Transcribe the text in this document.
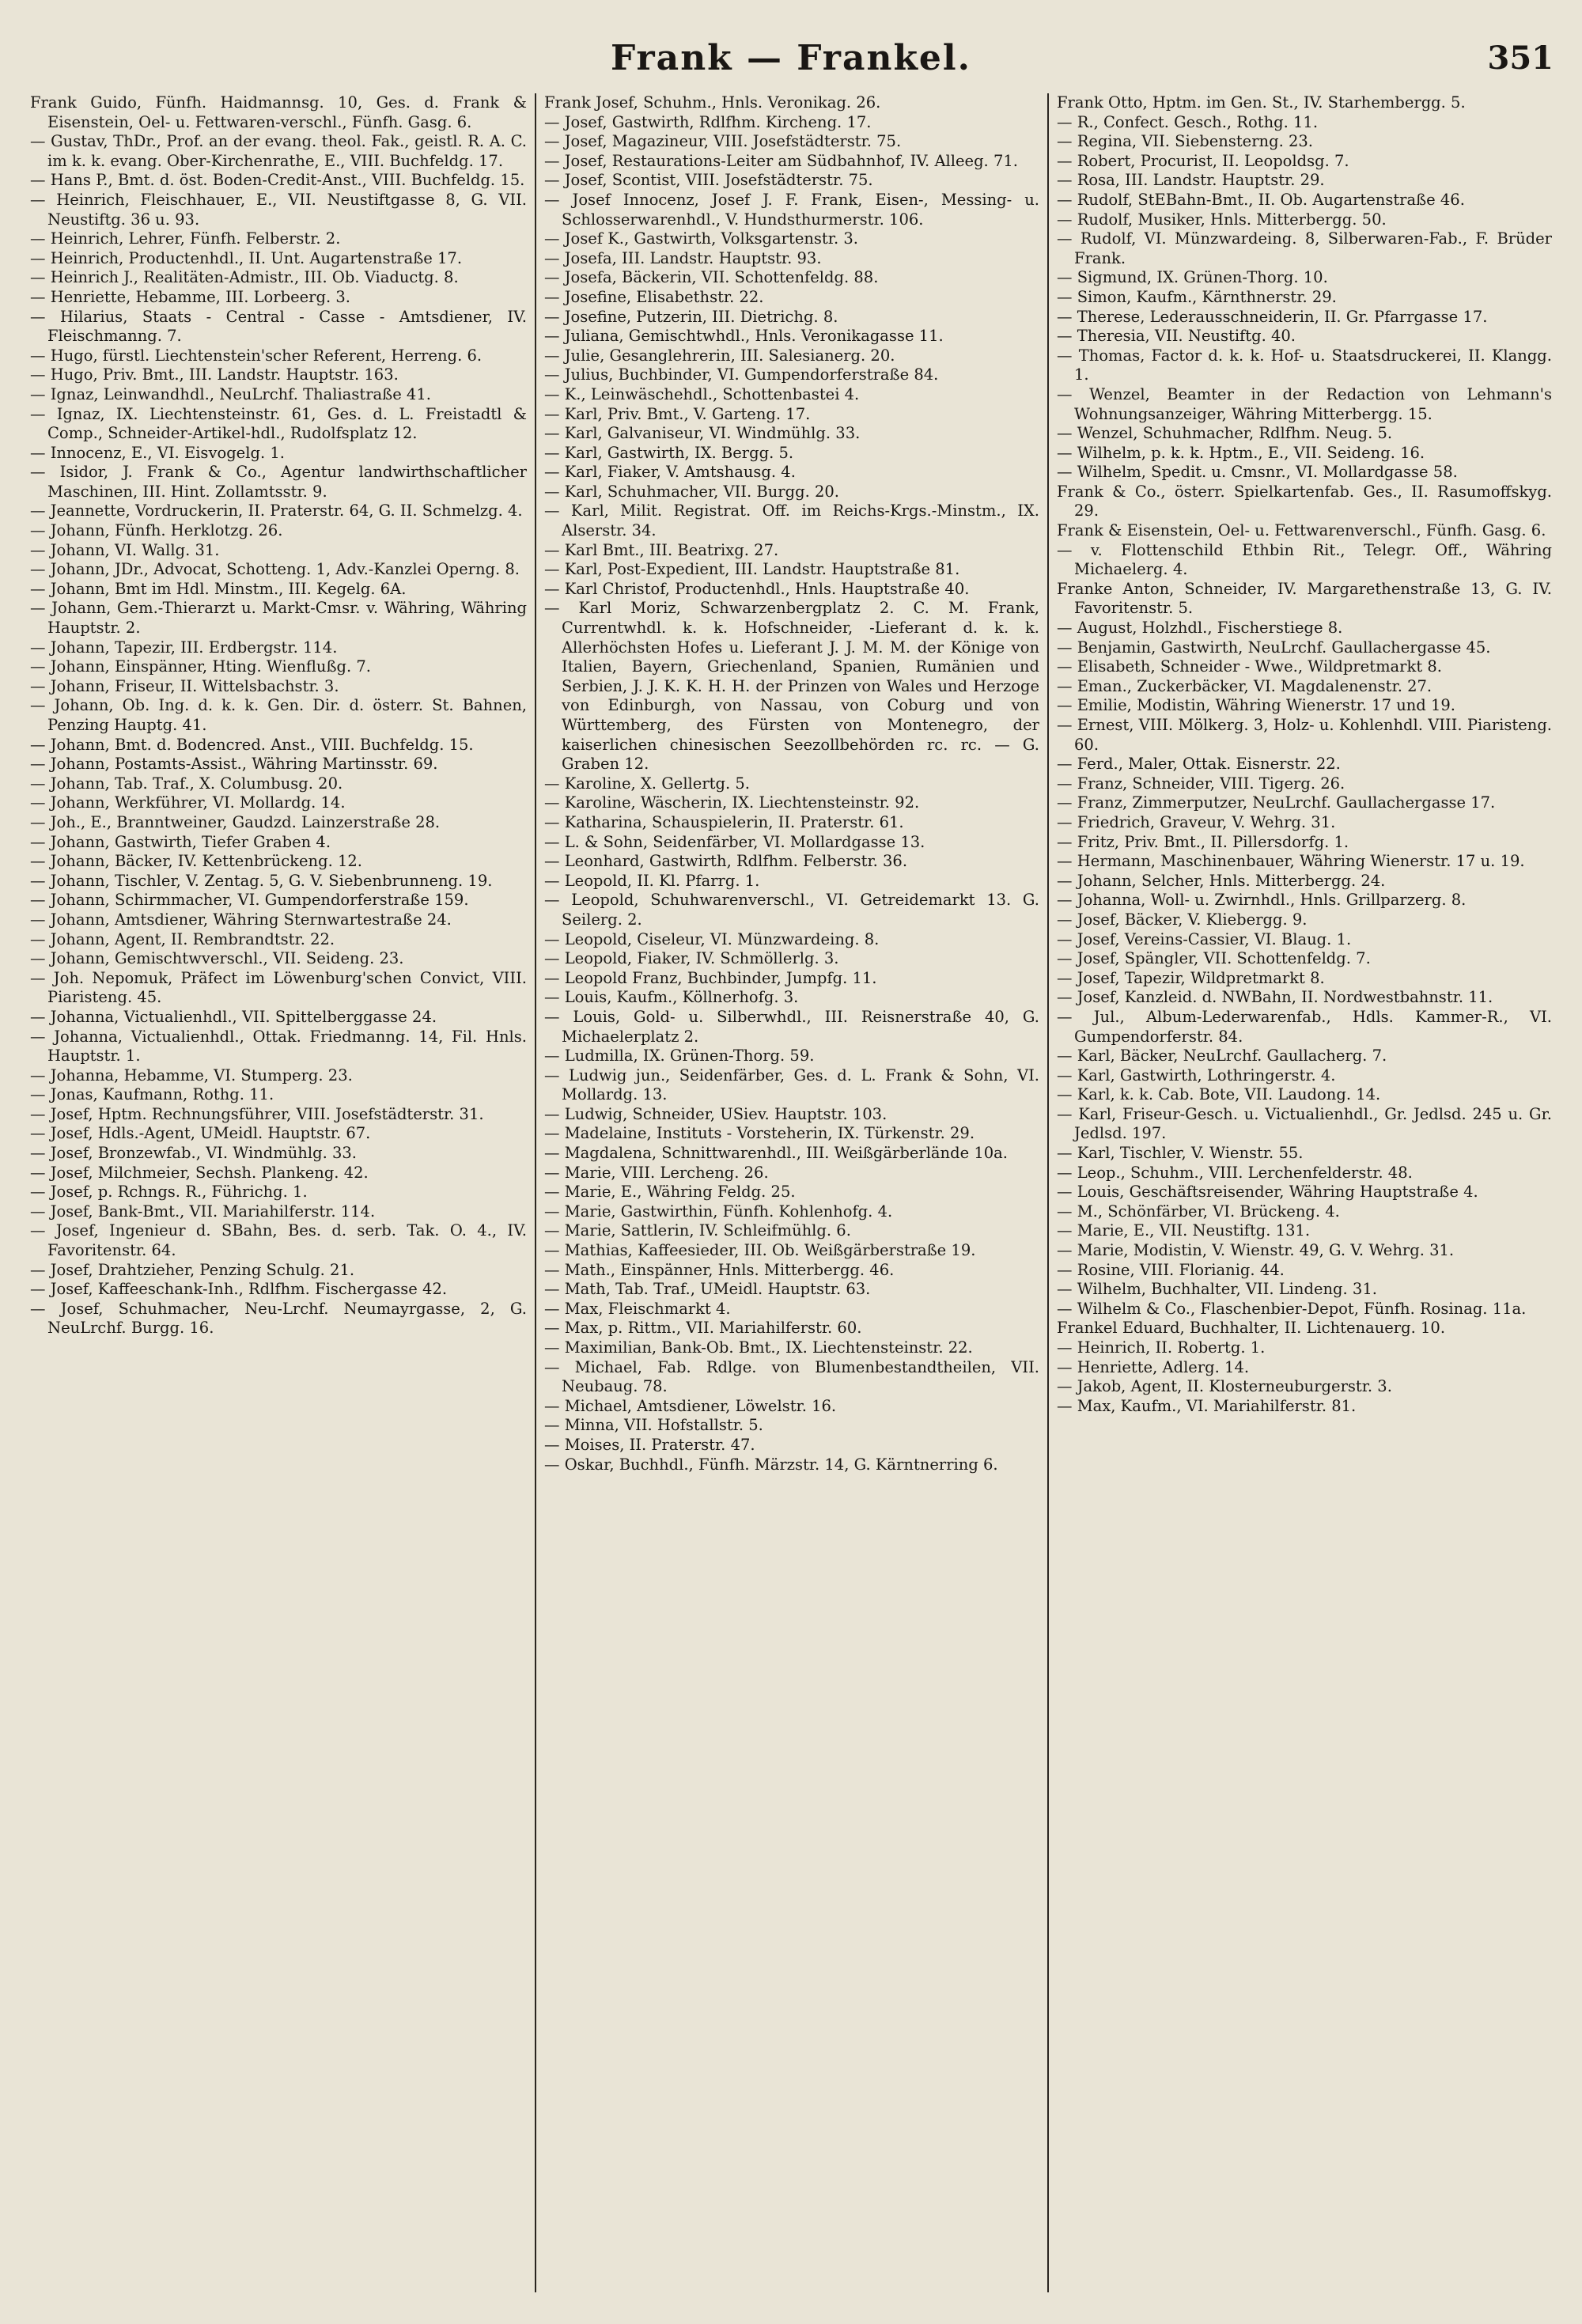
Frank — Frankel.	351
Frank Guido, Fünfh. Haidmannsg. 10, Ges. d. Frank & Eisenstein, Oel- u. Fettwaren-verschl., Fünfh. Gasg. 6.
— Gustav, ThDr., Prof. an der evang. theol. Fak., geistl. R. A. C. im k. k. evang. Ober-Kirchenrathe, E., VIII. Buchfeldg. 17.
— Hans P., Bmt. d. öst. Boden-Credit-Anst., VIII. Buchfeldg. 15.
— Heinrich, Fleischhauer, E., VII. Neustiftgasse 8, G. VII. Neustiftg. 36 u. 93.
— Heinrich, Lehrer, Fünfh. Felberstr. 2.
— Heinrich, Productenhdl., II. Unt. Augartenstraße 17.
— Heinrich J., Realitäten-Admistr., III. Ob. Viaductg. 8.
— Henriette, Hebamme, III. Lorbeerg. 3.
— Hilarius, Staats - Central - Casse - Amtsdiener, IV. Fleischmanng. 7.
— Hugo, fürstl. Liechtenstein'scher Referent, Herreng. 6.
— Hugo, Priv. Bmt., III. Landstr. Hauptstr. 163.
— Ignaz, Leinwandhdl., NeuLrchf. Thaliastraße 41.
— Ignaz, IX. Liechtensteinstr. 61, Ges. d. L. Freistadtl & Comp., Schneider-Artikel-hdl., Rudolfsplatz 12.
— Innocenz, E., VI. Eisvogelg. 1.
— Isidor, J. Frank & Co., Agentur landwirthschaftlicher Maschinen, III. Hint. Zollamtsstr. 9.
— Jeannette, Vordruckerin, II. Praterstr. 64, G. II. Schmelzg. 4.
— Johann, Fünfh. Herklotzg. 26.
— Johann, VI. Wallg. 31.
— Johann, JDr., Advocat, Schotteng. 1, Adv.-Kanzlei Operng. 8.
— Johann, Bmt im Hdl. Minstm., III. Kegelg. 6A.
— Johann, Gem.-Thierarzt u. Markt-Cmsr. v. Währing, Währing Hauptstr. 2.
— Johann, Tapezir, III. Erdbergstr. 114.
— Johann, Einspänner, Hting. Wienflußg. 7.
— Johann, Friseur, II. Wittelsbachstr. 3.
— Johann, Ob. Ing. d. k. k. Gen. Dir. d. österr. St. Bahnen, Penzing Hauptg. 41.
— Johann, Bmt. d. Bodencred. Anst., VIII. Buchfeldg. 15.
— Johann, Postamts-Assist., Währing Martinsstr. 69.
— Johann, Tab. Traf., X. Columbusg. 20.
— Johann, Werkführer, VI. Mollardg. 14.
— Joh., E., Branntweiner, Gaudzd. Lainzerstraße 28.
— Johann, Gastwirth, Tiefer Graben 4.
— Johann, Bäcker, IV. Kettenbrückeng. 12.
— Johann, Tischler, V. Zentag. 5, G. V. Siebenbrunneng. 19.
— Johann, Schirmmacher, VI. Gumpendorferstraße 159.
— Johann, Amtsdiener, Währing Sternwartestraße 24.
— Johann, Agent, II. Rembrandtstr. 22.
— Johann, Gemischtwverschl., VII. Seideng. 23.
— Joh. Nepomuk, Präfect im Löwenburg'schen Convict, VIII. Piaristeng. 45.
— Johanna, Victualienhdl., VII. Spittelberggasse 24.
— Johanna, Victualienhdl., Ottak. Friedmanng. 14, Fil. Hnls. Hauptstr. 1.
— Johanna, Hebamme, VI. Stumperg. 23.
— Jonas, Kaufmann, Rothg. 11.
— Josef, Hptm. Rechnungsführer, VIII. Josefstädterstr. 31.
— Josef, Hdls.-Agent, UMeidl. Hauptstr. 67.
— Josef, Bronzewfab., VI. Windmühlg. 33.
— Josef, Milchmeier, Sechsh. Plankeng. 42.
— Josef, p. Rchngs. R., Führichg. 1.
— Josef, Bank-Bmt., VII. Mariahilferstr. 114.
— Josef, Ingenieur d. SBahn, Bes. d. serb. Tak. O. 4., IV. Favoritenstr. 64.
— Josef, Drahtzieher, Penzing Schulg. 21.
— Josef, Kaffeeschank-Inh., Rdlfhm. Fischergasse 42.
— Josef, Schuhmacher, Neu-Lrchf. Neumayrgasse, 2, G. NeuLrchf. Burgg. 16.
Frank Josef, Schuhm., Hnls. Veronikag. 26.
— Josef, Gastwirth, Rdlfhm. Kircheng. 17.
— Josef, Magazineur, VIII. Josefstädterstr. 75.
— Josef, Restaurations-Leiter am Südbahnhof, IV. Alleeg. 71.
— Josef, Scontist, VIII. Josefstädterstr. 75.
— Josef Innocenz, Josef J. F. Frank, Eisen-, Messing- u. Schlosserwarenhdl., V. Hundsthurmerstr. 106.
— Josef K., Gastwirth, Volksgartenstr. 3.
— Josefa, III. Landstr. Hauptstr. 93.
— Josefa, Bäckerin, VII. Schottenfeldg. 88.
— Josefine, Elisabethstr. 22.
— Josefine, Putzerin, III. Dietrichg. 8.
— Juliana, Gemischtwhdl., Hnls. Veronikagasse 11.
— Julie, Gesanglehrerin, III. Salesianerg. 20.
— Julius, Buchbinder, VI. Gumpendorferstraße 84.
— K., Leinwäschehdl., Schottenbastei 4.
— Karl, Priv. Bmt., V. Garteng. 17.
— Karl, Galvaniseur, VI. Windmühlg. 33.
— Karl, Gastwirth, IX. Bergg. 5.
— Karl, Fiaker, V. Amtshausg. 4.
— Karl, Schuhmacher, VII. Burgg. 20.
— Karl, Milit. Registrat. Off. im Reichs-Krgs.-Minstm., IX. Alserstr. 34.
— Karl Bmt., III. Beatrixg. 27.
— Karl, Post-Expedient, III. Landstr. Hauptstraße 81.
— Karl Christof, Productenhdl., Hnls. Hauptstraße 40.
— Karl Moriz, Schwarzenbergplatz 2. C. M. Frank, Currentwhdl. k. k. Hofschneider, -Lieferant d. k. k. Allerhöchsten Hofes u. Lieferant J. J. M. M. der Könige von Italien, Bayern, Griechenland, Spanien, Rumänien und Serbien, J. J. K. K. H. H. der Prinzen von Wales und Herzoge von Edinburgh, von Nassau, von Coburg und von Württemberg, des Fürsten von Montenegro, der kaiserlichen chinesischen Seezollbehörden rc. rc. — G. Graben 12.
— Karoline, X. Gellertg. 5.
— Karoline, Wäscherin, IX. Liechtensteinstr. 92.
— Katharina, Schauspielerin, II. Praterstr. 61.
— L. & Sohn, Seidenfärber, VI. Mollardgasse 13.
— Leonhard, Gastwirth, Rdlfhm. Felberstr. 36.
— Leopold, II. Kl. Pfarrg. 1.
— Leopold, Schuhwarenverschl., VI. Getreidemarkt 13. G. Seilerg. 2.
— Leopold, Ciseleur, VI. Münzwardeing. 8.
— Leopold, Fiaker, IV. Schmöllerlg. 3.
— Leopold Franz, Buchbinder, Jumpfg. 11.
— Louis, Kaufm., Köllnerhofg. 3.
— Louis, Gold- u. Silberwhdl., III. Reisnerstraße 40, G. Michaelerplatz 2.
— Ludmilla, IX. Grünen-Thorg. 59.
— Ludwig jun., Seidenfärber, Ges. d. L. Frank & Sohn, VI. Mollardg. 13.
— Ludwig, Schneider, USiev. Hauptstr. 103.
— Madelaine, Instituts - Vorsteherin, IX. Türkenstr. 29.
— Magdalena, Schnittwarenhdl., III. Weißgärberlände 10a.
— Marie, VIII. Lercheng. 26.
— Marie, E., Währing Feldg. 25.
— Marie, Gastwirthin, Fünfh. Kohlenhofg. 4.
— Marie, Sattlerin, IV. Schleifmühlg. 6.
— Mathias, Kaffeesieder, III. Ob. Weißgärberstraße 19.
— Math., Einspänner, Hnls. Mitterbergg. 46.
— Math, Tab. Traf., UMeidl. Hauptstr. 63.
— Max, Fleischmarkt 4.
— Max, p. Rittm., VII. Mariahilferstr. 60.
— Maximilian, Bank-Ob. Bmt., IX. Liechtensteinstr. 22.
— Michael, Fab. Rdlge. von Blumenbestandtheilen, VII. Neubaug. 78.
— Michael, Amtsdiener, Löwelstr. 16.
— Minna, VII. Hofstallstr. 5.
— Moises, II. Praterstr. 47.
— Oskar, Buchhdl., Fünfh. Märzstr. 14, G. Kärntnerring 6.
Frank Otto, Hptm. im Gen. St., IV. Starhembergg. 5.
— R., Confect. Gesch., Rothg. 11.
— Regina, VII. Siebensterng. 23.
— Robert, Procurist, II. Leopoldsg. 7.
— Rosa, III. Landstr. Hauptstr. 29.
— Rudolf, StEBahn-Bmt., II. Ob. Augartenstraße 46.
— Rudolf, Musiker, Hnls. Mitterbergg. 50.
— Rudolf, VI. Münzwardeing. 8, Silberwaren-Fab., F. Brüder Frank.
— Sigmund, IX. Grünen-Thorg. 10.
— Simon, Kaufm., Kärnthnerstr. 29.
— Therese, Lederausschneiderin, II. Gr. Pfarrgasse 17.
— Theresia, VII. Neustiftg. 40.
— Thomas, Factor d. k. k. Hof- u. Staatsdruckerei, II. Klangg. 1.
— Wenzel, Beamter in der Redaction von Lehmann's Wohnungsanzeiger, Währing Mitterbergg. 15.
— Wenzel, Schuhmacher, Rdlfhm. Neug. 5.
— Wilhelm, p. k. k. Hptm., E., VII. Seideng. 16.
— Wilhelm, Spedit. u. Cmsnr., VI. Mollardgasse 58.
Frank & Co., österr. Spielkartenfab. Ges., II. Rasumoffskyg. 29.
Frank & Eisenstein, Oel- u. Fettwarenverschl., Fünfh. Gasg. 6.
— v. Flottenschild Ethbin Rit., Telegr. Off., Währing Michaelerg. 4.
Franke Anton, Schneider, IV. Margarethenstraße 13, G. IV. Favoritenstr. 5.
— August, Holzhdl., Fischerstiege 8.
— Benjamin, Gastwirth, NeuLrchf. Gaullachergasse 45.
— Elisabeth, Schneider - Wwe., Wildpretmarkt 8.
— Eman., Zuckerbäcker, VI. Magdalenenstr. 27.
— Emilie, Modistin, Währing Wienerstr. 17 und 19.
— Ernest, VIII. Mölkerg. 3, Holz- u. Kohlenhdl. VIII. Piaristeng. 60.
— Ferd., Maler, Ottak. Eisnerstr. 22.
— Franz, Schneider, VIII. Tigerg. 26.
— Franz, Zimmerputzer, NeuLrchf. Gaullachergasse 17.
— Friedrich, Graveur, V. Wehrg. 31.
— Fritz, Priv. Bmt., II. Pillersdorfg. 1.
— Hermann, Maschinenbauer, Währing Wienerstr. 17 u. 19.
— Johann, Selcher, Hnls. Mitterbergg. 24.
— Johanna, Woll- u. Zwirnhdl., Hnls. Grillparzerg. 8.
— Josef, Bäcker, V. Kliebergg. 9.
— Josef, Vereins-Cassier, VI. Blaug. 1.
— Josef, Spängler, VII. Schottenfeldg. 7.
— Josef, Tapezir, Wildpretmarkt 8.
— Josef, Kanzleid. d. NWBahn, II. Nordwestbahnstr. 11.
— Jul., Album-Lederwarenfab., Hdls. Kammer-R., VI. Gumpendorferstr. 84.
— Karl, Bäcker, NeuLrchf. Gaullacherg. 7.
— Karl, Gastwirth, Lothringerstr. 4.
— Karl, k. k. Cab. Bote, VII. Laudong. 14.
— Karl, Friseur-Gesch. u. Victualienhdl., Gr. Jedlsd. 245 u. Gr. Jedlsd. 197.
— Karl, Tischler, V. Wienstr. 55.
— Leop., Schuhm., VIII. Lerchenfelderstr. 48.
— Louis, Geschäftsreisender, Währing Hauptstraße 4.
— M., Schönfärber, VI. Brückeng. 4.
— Marie, E., VII. Neustiftg. 131.
— Marie, Modistin, V. Wienstr. 49, G. V. Wehrg. 31.
— Rosine, VIII. Florianig. 44.
— Wilhelm, Buchhalter, VII. Lindeng. 31.
— Wilhelm & Co., Flaschenbier-Depot, Fünfh. Rosinag. 11a.
Frankel Eduard, Buchhalter, II. Lichtenauerg. 10.
— Heinrich, II. Robertg. 1.
— Henriette, Adlerg. 14.
— Jakob, Agent, II. Klosterneuburgerstr. 3.
— Max, Kaufm., VI. Mariahilferstr. 81.
